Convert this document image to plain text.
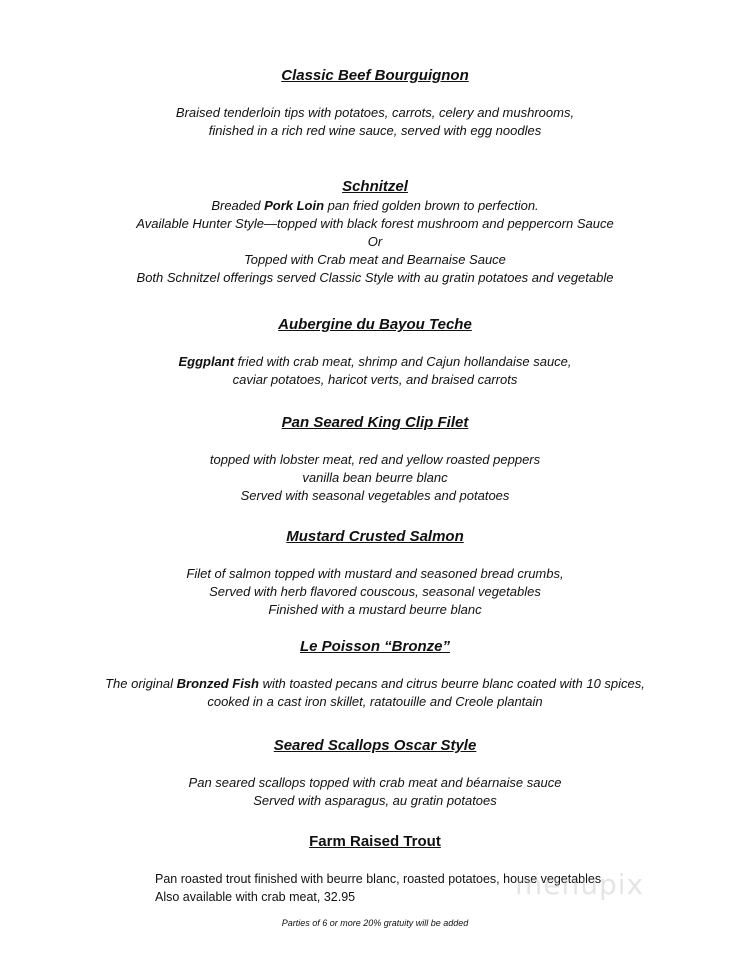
Classic Beef Bourguignon

Braised tenderloin tips with potatoes, carrots, celery and mushrooms,
finished in a rich red wine sauce, served with egg noodles

Schnitzel

Breaded Pork Loin pan fried golden brown to perfection.
Available Hunter Style—topped with black forest mushroom and peppercorn Sauce
Or
Topped with Crab meat and Bearnaise Sauce
Both Schnitzel offerings served Classic Style with au gratin potatoes and vegetable

Aubergine du Bayou Teche

Eggplant fried with crab meat, shrimp and Cajun hollandaise sauce,
caviar potatoes, haricot verts, and braised carrots

Pan Seared King Clip Filet

topped with lobster meat, red and yellow roasted peppers
vanilla bean beurre blanc
Served with seasonal vegetables and potatoes

Mustard Crusted Salmon

Filet of salmon topped with mustard and seasoned bread crumbs,
Served with herb flavored couscous, seasonal vegetables
Finished with a mustard beurre blanc

Le Poisson “Bronze”

The original Bronzed Fish with toasted pecans and citrus beurre blanc coated with 10 spices,
cooked in a cast iron skillet, ratatouille and Creole plantain

Seared Scallops Oscar Style

Pan seared scallops topped with crab meat and béarnaise sauce
Served with asparagus, au gratin potatoes

Farm Raised Trout

Pan roasted trout finished with beurre blanc, roasted potatoes, house vegetables
Also available with crab meat, 32.95	menupix
Parties of 6 or more 20% gratuity will be added
